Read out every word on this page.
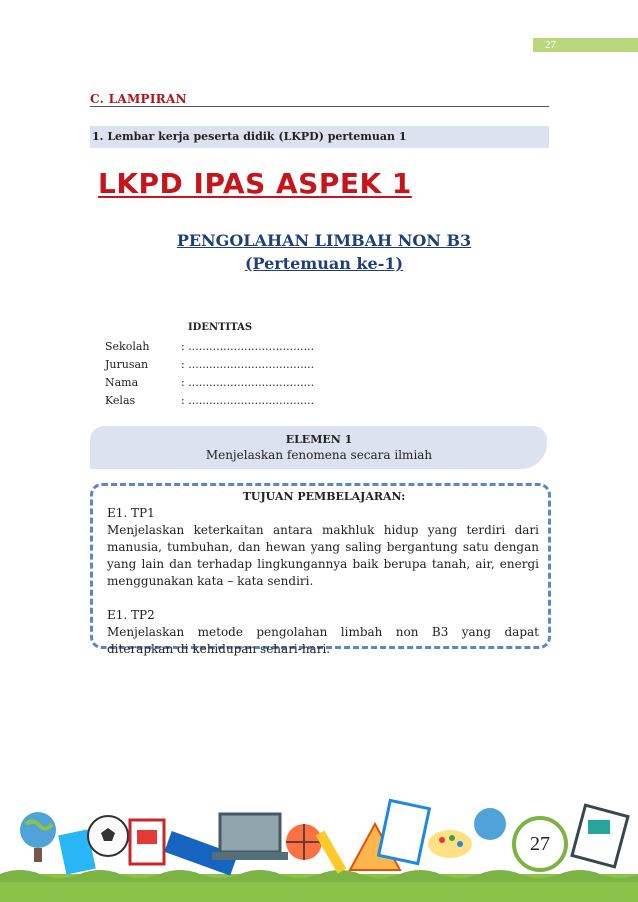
27
C. LAMPIRAN
1. Lembar kerja peserta didik (LKPD) pertemuan 1
LKPD IPAS ASPEK 1
PENGOLAHAN LIMBAH NON B3
(Pertemuan ke-1)
IDENTITAS
Sekolah	: ....................................
Jurusan	: ....................................
Nama	: ....................................
Kelas	: ....................................
ELEMEN 1
Menjelaskan fenomena secara ilmiah
TUJUAN PEMBELAJARAN:

E1. TP1

Menjelaskan keterkaitan antara makhluk hidup yang terdiri dari manusia, tumbuhan, dan hewan yang saling bergantung satu dengan yang lain dan terhadap lingkungannya baik berupa tanah, air, energi menggunakan kata – kata sendiri.

E1. TP2

Menjelaskan metode pengolahan limbah non B3 yang dapat diterapkan di kehidupan sehari-hari.

27
